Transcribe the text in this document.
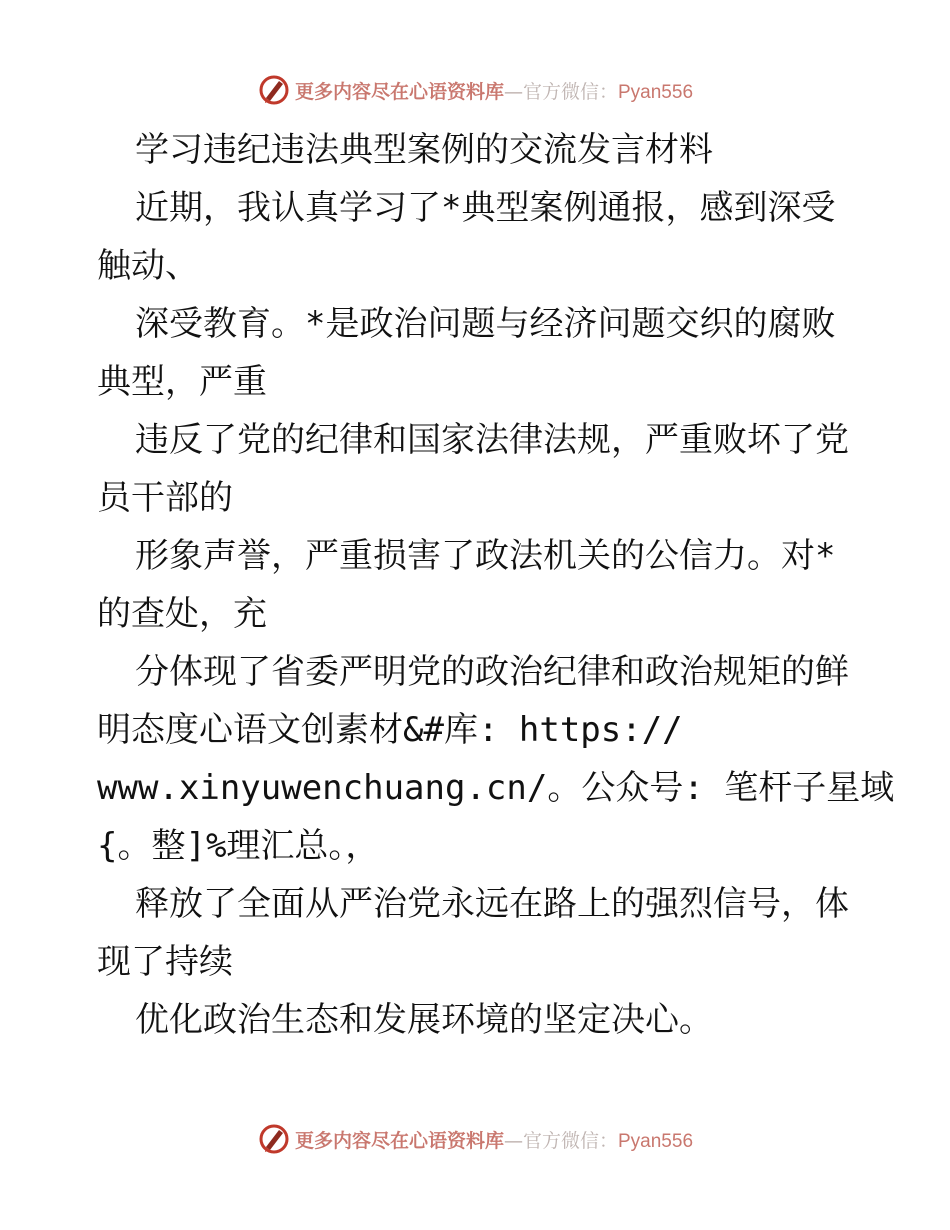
更多内容尽在心语资料库—官方微信：Pyan556
学习违纪违法典型案例的交流发言材料
近期，我认真学习了*典型案例通报，感到深受
触动、
深受教育。*是政治问题与经济问题交织的腐败
典型，严重
违反了党的纪律和国家法律法规，严重败坏了党
员干部的
形象声誉，严重损害了政法机关的公信力。对*
的查处，充
分体现了省委严明党的政治纪律和政治规矩的鲜
明态度心语文创素材&#库: https://
www.xinyuwenchuang.cn/。公众号: 笔杆子星域
{。整]%理汇总。，
释放了全面从严治党永远在路上的强烈信号，体
现了持续
优化政治生态和发展环境的坚定决心。
更多内容尽在心语资料库—官方微信：Pyan556
